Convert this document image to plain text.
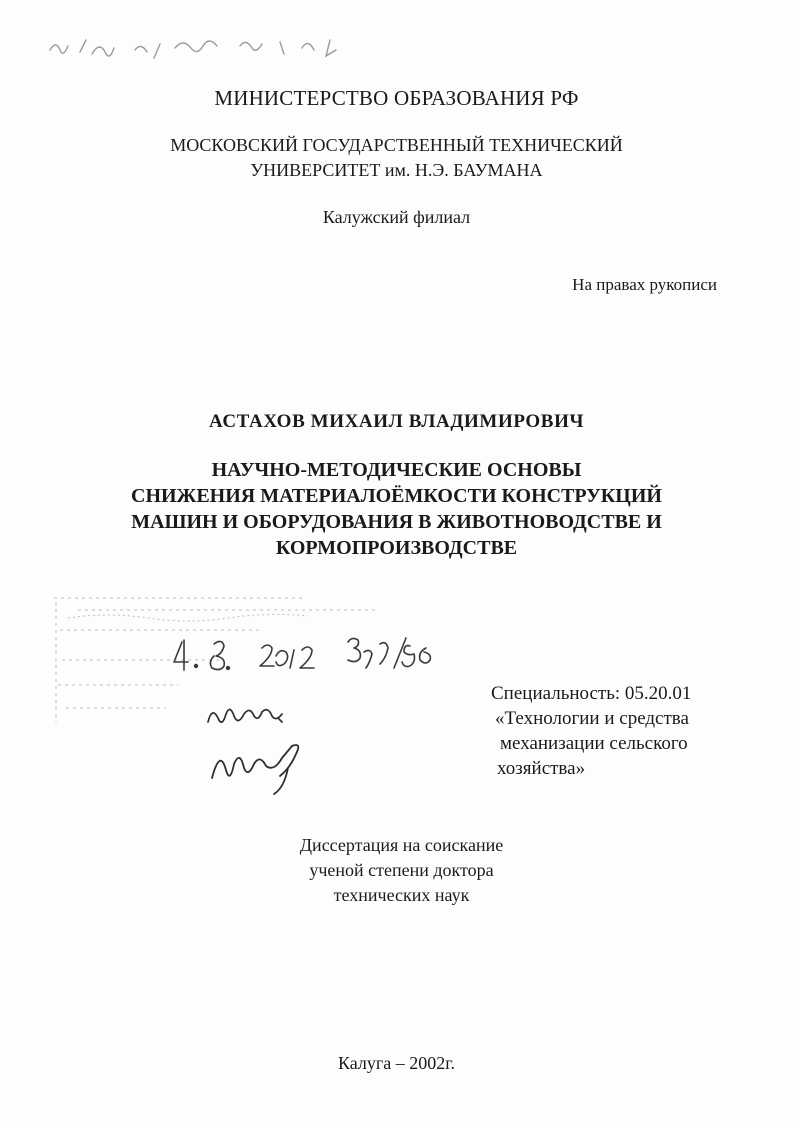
МИНИСТЕРСТВО ОБРАЗОВАНИЯ РФ
МОСКОВСКИЙ ГОСУДАРСТВЕННЫЙ ТЕХНИЧЕСКИЙ
УНИВЕРСИТЕТ им. Н.Э. БАУМАНА
Калужский филиал
На правах рукописи
АСТАХОВ МИХАИЛ ВЛАДИМИРОВИЧ
НАУЧНО-МЕТОДИЧЕСКИЕ ОСНОВЫ
СНИЖЕНИЯ МАТЕРИАЛОЁМКОСТИ КОНСТРУКЦИЙ
МАШИН И ОБОРУДОВАНИЯ В ЖИВОТНОВОДСТВЕ И
КОРМОПРОИЗВОДСТВЕ
Специальность: 05.20.01
«Технологии и средства
механизации сельского
хозяйства»
Диссертация на соискание
ученой степени доктора
технических наук
Калуга – 2002г.
